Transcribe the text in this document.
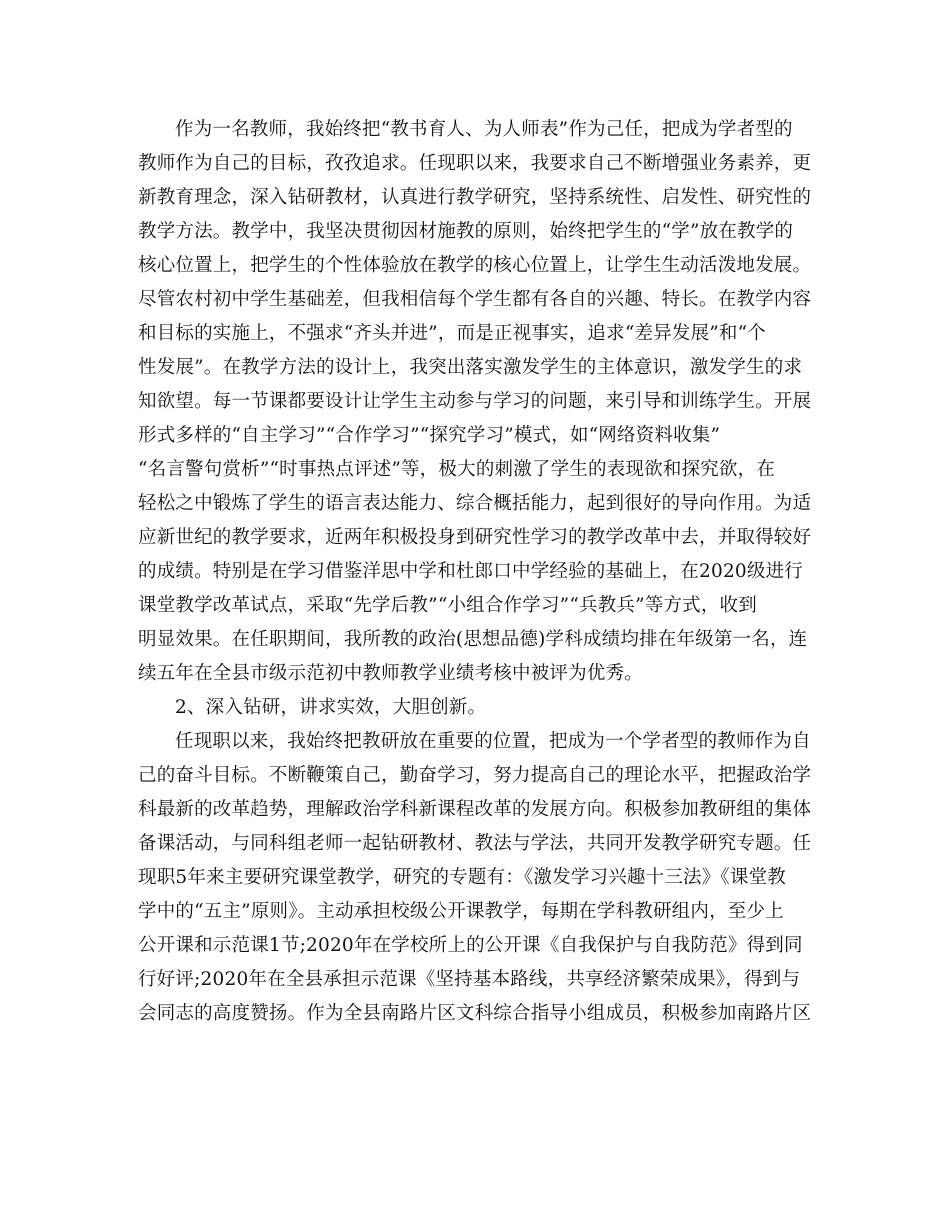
作为一名教师，我始终把“教书育人、为人师表”作为己任，把成为学者型的
教师作为自己的目标，孜孜追求。任现职以来，我要求自己不断增强业务素养，更
新教育理念，深入钻研教材，认真进行教学研究，坚持系统性、启发性、研究性的
教学方法。教学中，我坚决贯彻因材施教的原则，始终把学生的“学”放在教学的
核心位置上，把学生的个性体验放在教学的核心位置上，让学生生动活泼地发展。
尽管农村初中学生基础差，但我相信每个学生都有各自的兴趣、特长。在教学内容
和目标的实施上，不强求“齐头并进”，而是正视事实，追求“差异发展”和“个
性发展”。在教学方法的设计上，我突出落实激发学生的主体意识，激发学生的求
知欲望。每一节课都要设计让学生主动参与学习的问题，来引导和训练学生。开展
形式多样的“自主学习”“合作学习”“探究学习”模式，如“网络资料收集”
“名言警句赏析”“时事热点评述”等，极大的刺激了学生的表现欲和探究欲，在
轻松之中锻炼了学生的语言表达能力、综合概括能力，起到很好的导向作用。为适
应新世纪的教学要求，近两年积极投身到研究性学习的教学改革中去，并取得较好
的成绩。特别是在学习借鉴洋思中学和杜郎口中学经验的基础上，在2020级进行
课堂教学改革试点，采取“先学后教”“小组合作学习”“兵教兵”等方式，收到
明显效果。在任职期间，我所教的政治(思想品德)学科成绩均排在年级第一名，连
续五年在全县市级示范初中教师教学业绩考核中被评为优秀。
2、深入钻研，讲求实效，大胆创新。
任现职以来，我始终把教研放在重要的位置，把成为一个学者型的教师作为自
己的奋斗目标。不断鞭策自己，勤奋学习，努力提高自己的理论水平，把握政治学
科最新的改革趋势，理解政治学科新课程改革的发展方向。积极参加教研组的集体
备课活动，与同科组老师一起钻研教材、教法与学法，共同开发教学研究专题。任
现职5年来主要研究课堂教学，研究的专题有：《激发学习兴趣十三法》《课堂教
学中的“五主”原则》。主动承担校级公开课教学，每期在学科教研组内，至少上
公开课和示范课1节;2020年在学校所上的公开课《自我保护与自我防范》得到同
行好评;2020年在全县承担示范课《坚持基本路线，共享经济繁荣成果》，得到与
会同志的高度赞扬。作为全县南路片区文科综合指导小组成员，积极参加南路片区
